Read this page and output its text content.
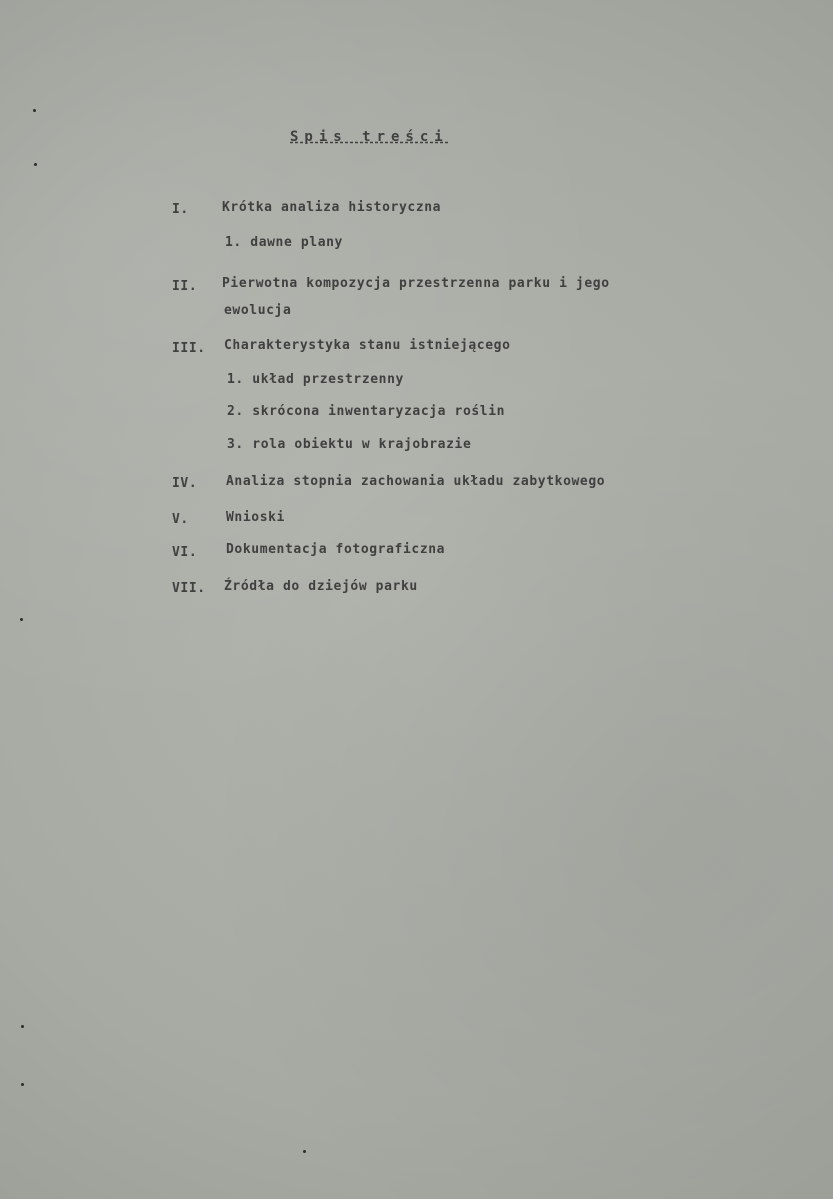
Spis treści
I.	Krótka analiza historyczna
1. dawne plany
II. Pierwotna kompozycja przestrzenna parku i jego
ewolucja
III. Charakterystyka stanu istniejącego
1. układ przestrzenny
2. skrócona inwentaryzacja roślin
3. rola obiektu w krajobrazie
IV. Analiza stopnia zachowania układu zabytkowego
V.	Wnioski
VI. Dokumentacja fotograficzna
VII. Źródła do dziejów parku
